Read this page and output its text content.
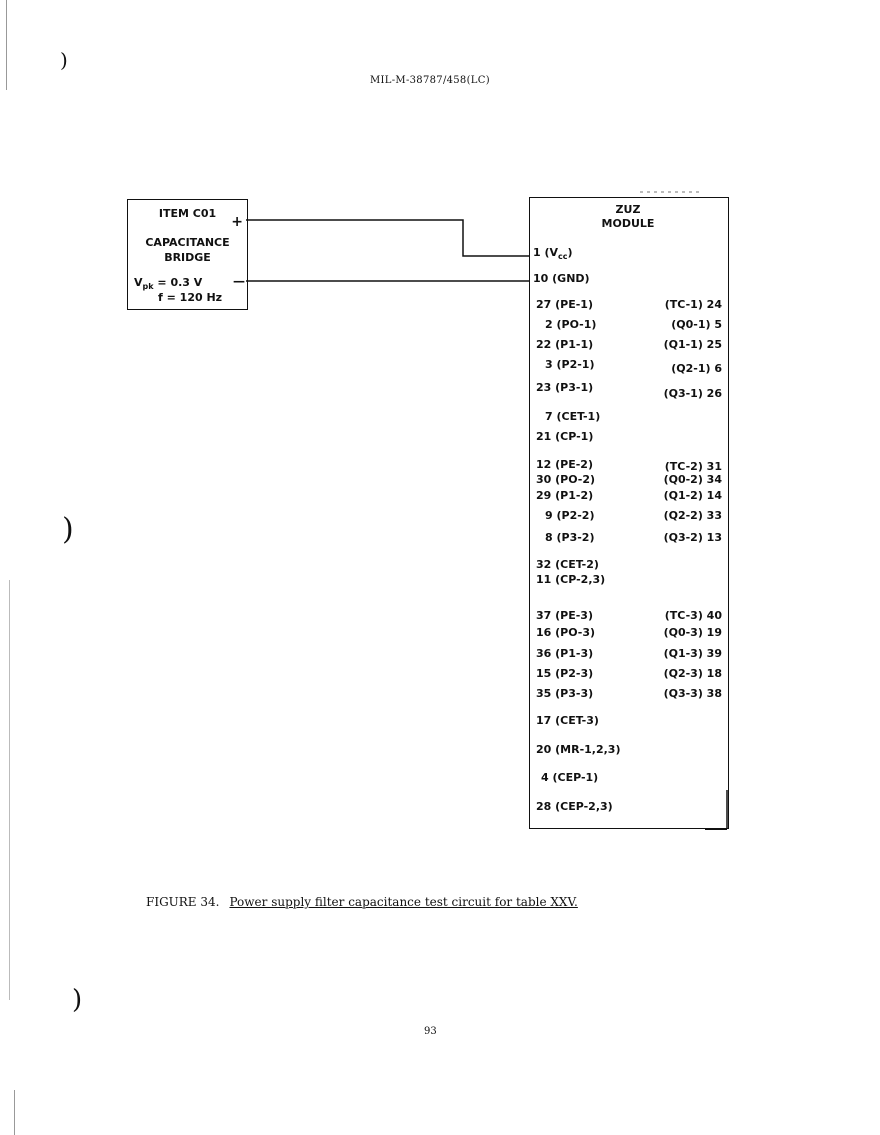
MIL-M-38787/458(LC)
)
)
)
ITEM C01
+
CAPACITANCE
BRIDGE
$V_{pk} = 0.3$ V	—
f = 120 Hz
ZUZ
MODULE
1 $(V_{cc})$
10 (GND)
27 (PE-1)
2 (PO-1)
22 (P1-1)
3 (P2-1)
23 (P3-1)
7 (CET-1)
21 (CP-1)
12 (PE-2)
30 (PO-2)
29 (P1-2)
9 (P2-2)
8 (P3-2)
32 (CET-2)
11 (CP-2,3)
37 (PE-3)
16 (PO-3)
36 (P1-3)
15 (P2-3)
35 (P3-3)
17 (CET-3)
20 (MR-1,2,3)
4 (CEP-1)
28 (CEP-2,3)
(TC-1) 24
(Q0-1) 5
(Q1-1) 25
(Q2-1) 6
(Q3-1) 26
(TC-2) 31
(Q0-2) 34
(Q1-2) 14
(Q2-2) 33
(Q3-2) 13
(TC-3) 40
(Q0-3) 19
(Q1-3) 39
(Q2-3) 18
(Q3-3) 38
FIGURE 34. Power supply filter capacitance test circuit for table XXV.
93
